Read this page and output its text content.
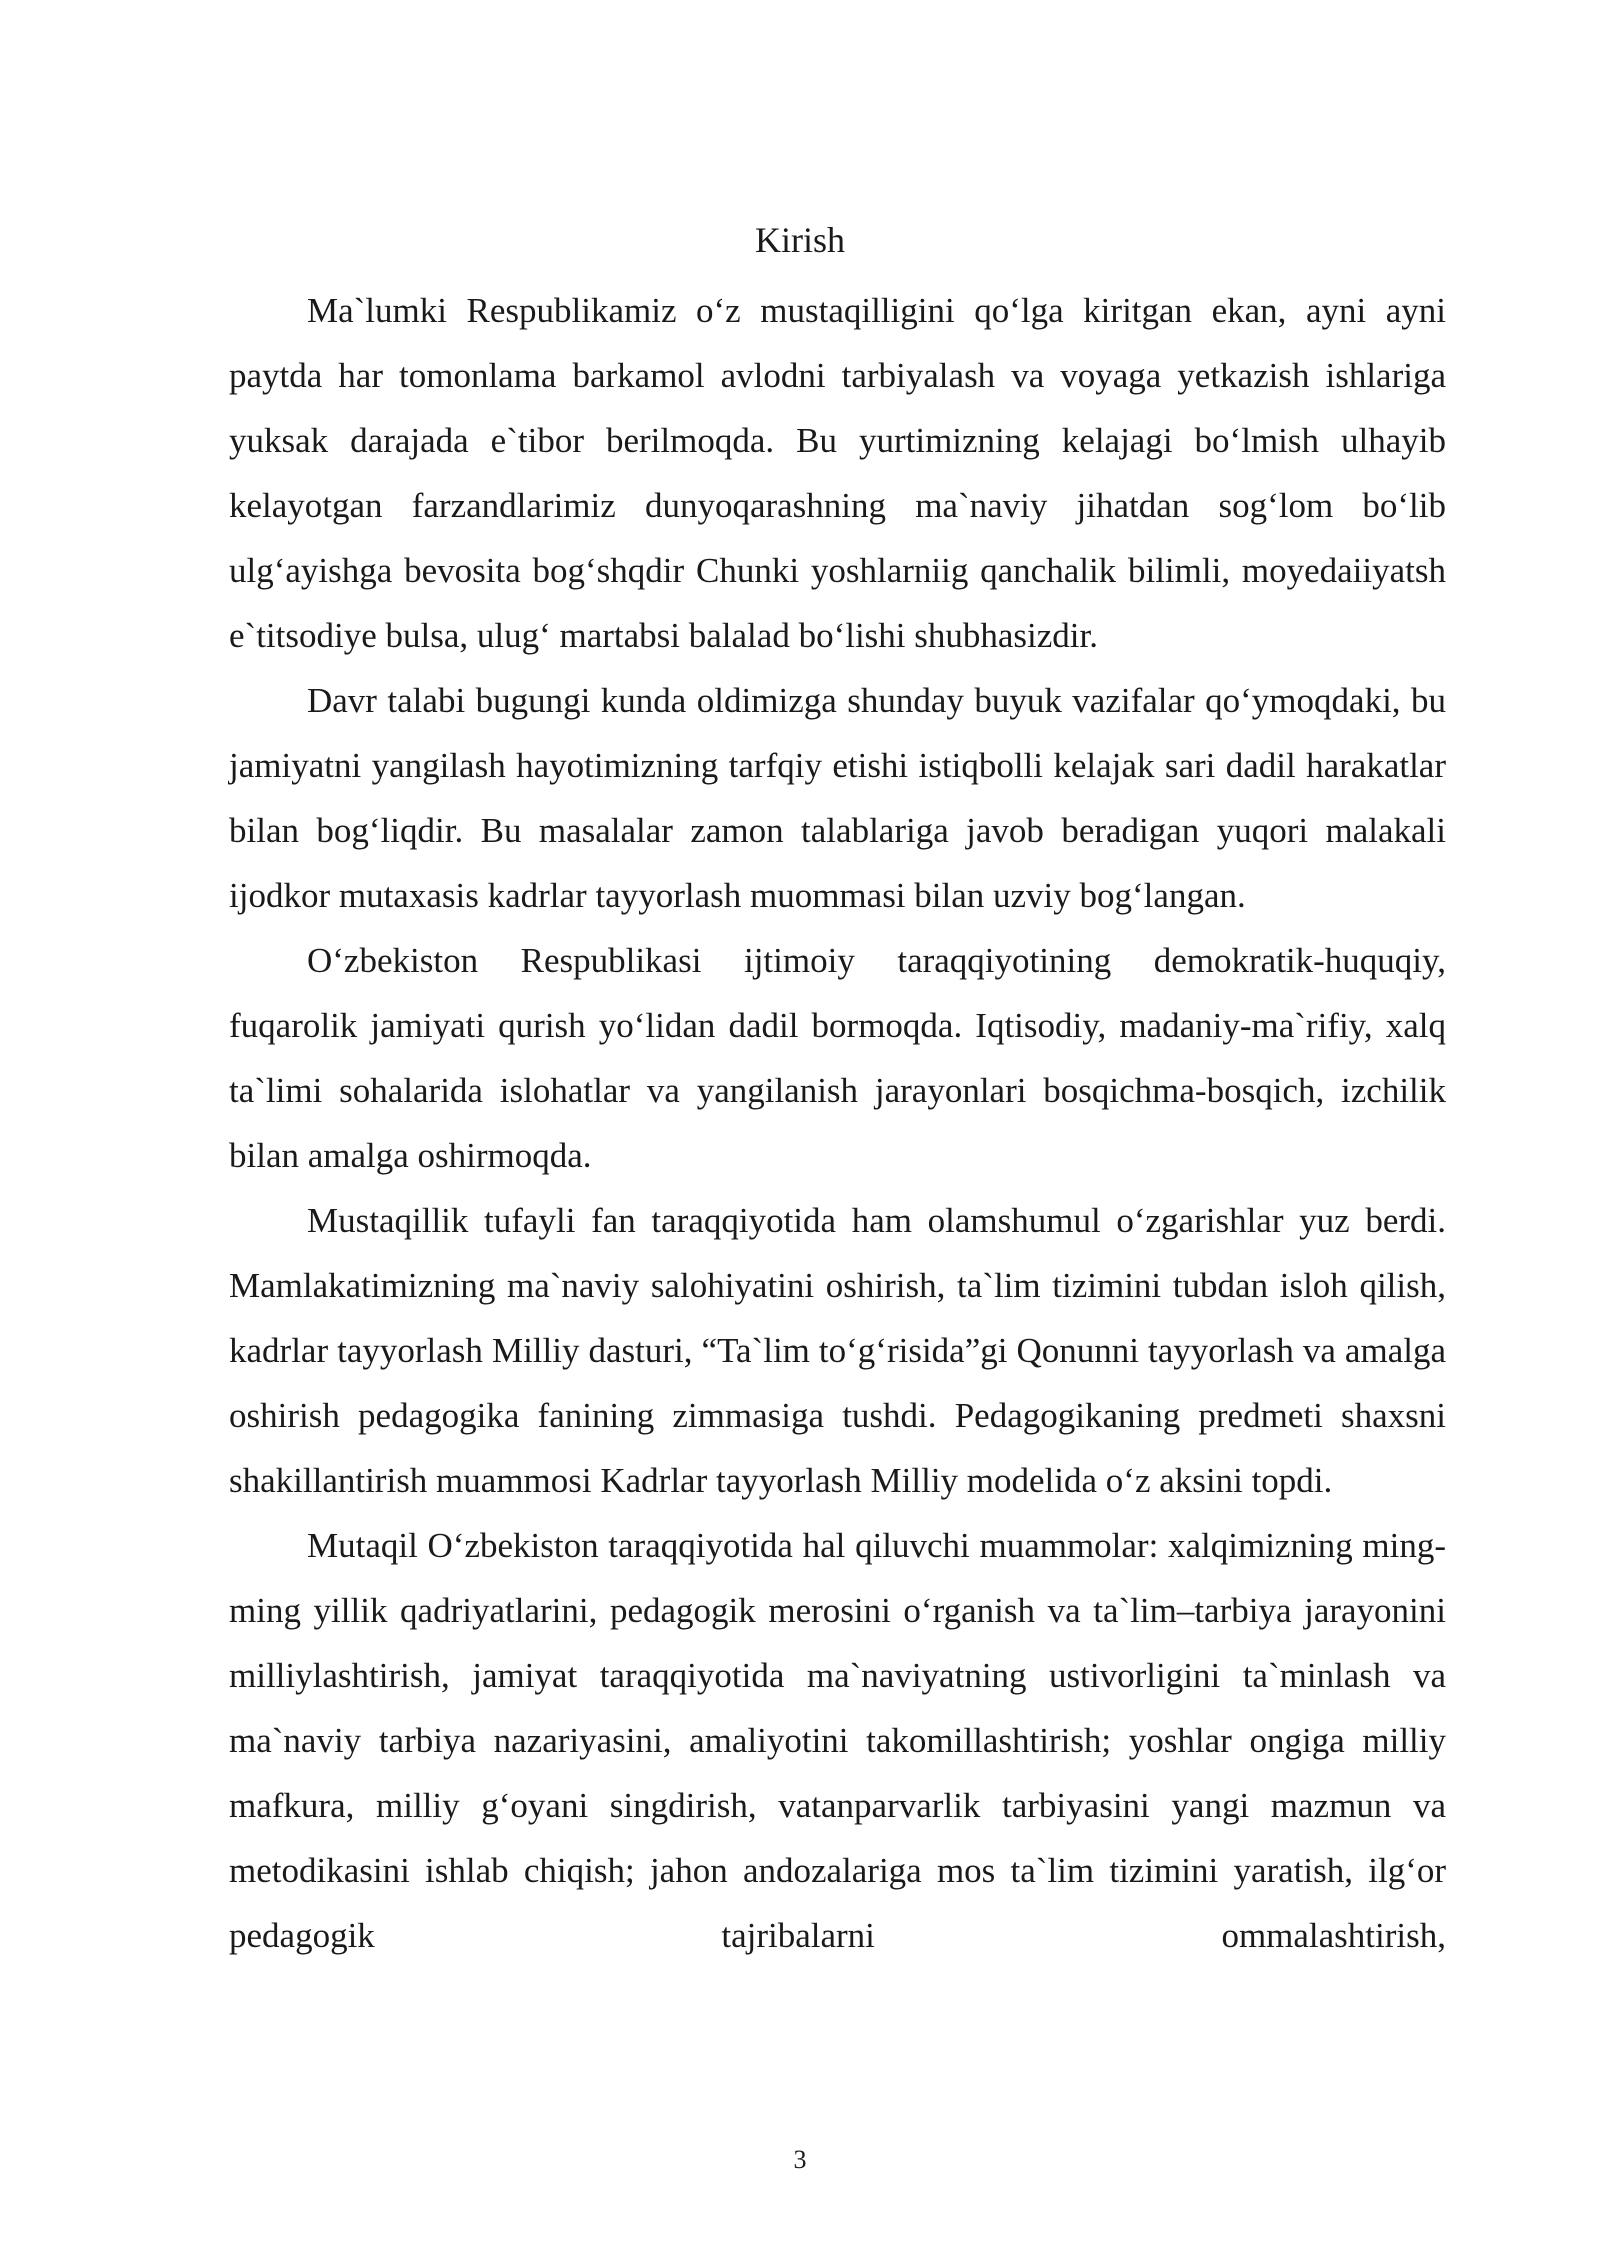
Kirish

Ma`lumki Respublikamiz o‘z mustaqilligini qo‘lga kiritgan ekan, ayni ayni paytda har tomonlama barkamol avlodni tarbiyalash va voyaga yetkazish ishlariga yuksak darajada e`tibor berilmoqda. Bu yurtimizning kelajagi bo‘lmish ulhayib kelayotgan farzandlarimiz dunyoqarashning ma`naviy jihatdan sog‘lom bo‘lib ulg‘ayishga bevosita bog‘shqdir Chunki yoshlarniig qanchalik bilimli, moyedaiiyatsh e`titsodiye bulsa, ulug‘ martabsi balalad bo‘lishi shubhasizdir.

Davr talabi bugungi kunda oldimizga shunday buyuk vazifalar qo‘ymoqdaki, bu jamiyatni yangilash hayotimizning tarfqiy etishi istiqbolli kelajak sari dadil harakatlar bilan bog‘liqdir. Bu masalalar zamon talablariga javob beradigan yuqori malakali ijodkor mutaxasis kadrlar tayyorlash muommasi bilan uzviy bog‘langan.

O‘zbekiston Respublikasi ijtimoiy taraqqiyotining demokratik-huquqiy, fuqarolik jamiyati qurish yo‘lidan dadil bormoqda. Iqtisodiy, madaniy-ma`rifiy, xalq ta`limi sohalarida islohatlar va yangilanish jarayonlari bosqichma-bosqich, izchilik bilan amalga oshirmoqda.

Mustaqillik tufayli fan taraqqiyotida ham olamshumul o‘zgarishlar yuz berdi. Mamlakatimizning ma`naviy salohiyatini oshirish, ta`lim tizimini tubdan isloh qilish, kadrlar tayyorlash Milliy dasturi, “Ta`lim to‘g‘risida”gi Qonunni tayyorlash va amalga oshirish pedagogika fanining zimmasiga tushdi. Pedagogikaning predmeti shaxsni shakillantirish muammosi Kadrlar tayyorlash Milliy modelida o‘z aksini topdi.

Mutaqil O‘zbekiston taraqqiyotida hal qiluvchi muammolar: xalqimizning ming-ming yillik qadriyatlarini, pedagogik merosini o‘rganish va ta`lim–tarbiya jarayonini milliylashtirish, jamiyat taraqqiyotida ma`naviyatning ustivorligini ta`minlash va ma`naviy tarbiya nazariyasini, amaliyotini takomillashtirish; yoshlar ongiga milliy mafkura, milliy g‘oyani singdirish, vatanparvarlik tarbiyasini yangi mazmun va metodikasini ishlab chiqish; jahon andozalariga mos ta`lim tizimini yaratish, ilg‘or pedagogik tajribalarni ommalashtirish,

3
